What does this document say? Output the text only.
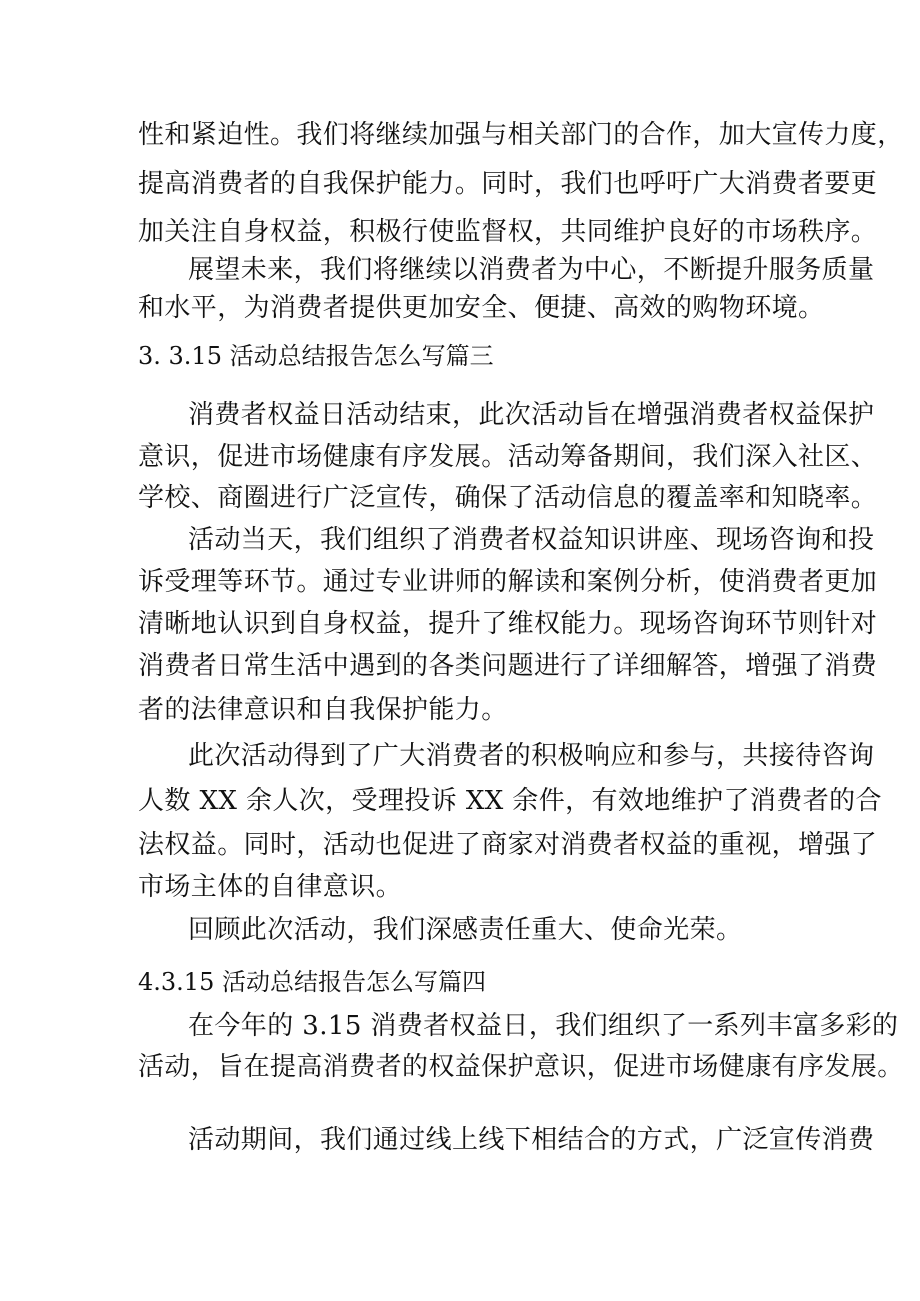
性和紧迫性。我们将继续加强与相关部门的合作，加大宣传力度，

提高消费者的自我保护能力。同时，我们也呼吁广大消费者要更

加关注自身权益，积极行使监督权，共同维护良好的市场秩序。

展望未来，我们将继续以消费者为中心，不断提升服务质量

和水平，为消费者提供更加安全、便捷、高效的购物环境。

3. 3.15 活动总结报告怎么写篇三

消费者权益日活动结束，此次活动旨在增强消费者权益保护

意识，促进市场健康有序发展。活动筹备期间，我们深入社区、

学校、商圈进行广泛宣传，确保了活动信息的覆盖率和知晓率。

活动当天，我们组织了消费者权益知识讲座、现场咨询和投

诉受理等环节。通过专业讲师的解读和案例分析，使消费者更加

清晰地认识到自身权益，提升了维权能力。现场咨询环节则针对

消费者日常生活中遇到的各类问题进行了详细解答，增强了消费

者的法律意识和自我保护能力。

此次活动得到了广大消费者的积极响应和参与，共接待咨询

人数 XX 余人次，受理投诉 XX 余件，有效地维护了消费者的合

法权益。同时，活动也促进了商家对消费者权益的重视，增强了

市场主体的自律意识。

回顾此次活动，我们深感责任重大、使命光荣。

4.3.15 活动总结报告怎么写篇四

在今年的 3.15 消费者权益日，我们组织了一系列丰富多彩的

活动，旨在提高消费者的权益保护意识，促进市场健康有序发展。

活动期间，我们通过线上线下相结合的方式，广泛宣传消费
